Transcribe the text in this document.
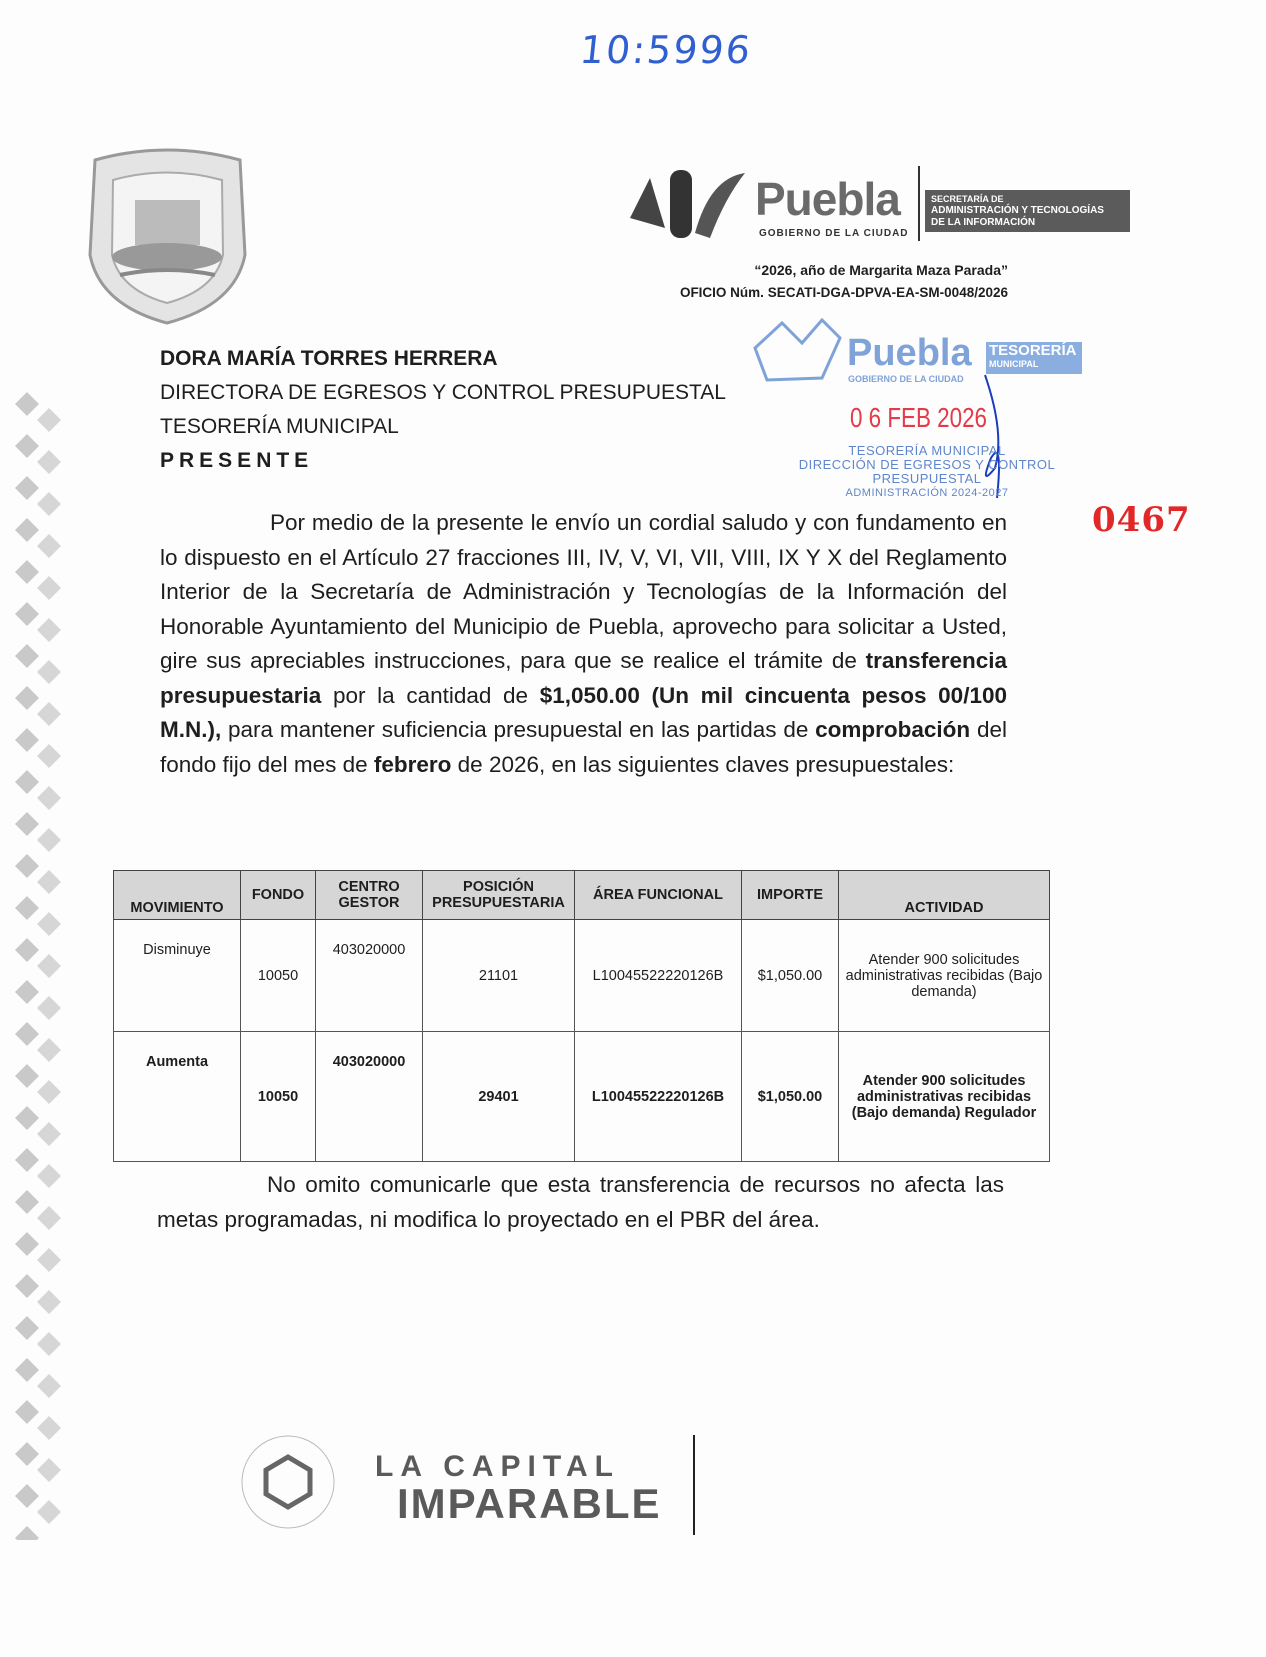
10:5996
Puebla
GOBIERNO DE LA CIUDAD
SECRETARÍA DE
ADMINISTRACIÓN Y TECNOLOGÍAS
DE LA INFORMACIÓN
“2026, año de Margarita Maza Parada”
OFICIO Núm. SECATI-DGA-DPVA-EA-SM-0048/2026
DORA MARÍA TORRES HERRERA
DIRECTORA DE EGRESOS Y CONTROL PRESUPUESTAL
TESORERÍA MUNICIPAL
PRESENTE
Puebla
GOBIERNO DE LA CIUDAD
TESORERÍA
MUNICIPAL
0 6 FEB 2026
TESORERÍA MUNICIPAL
DIRECCIÓN DE EGRESOS Y CONTROL
PRESUPUESTAL
ADMINISTRACIÓN 2024-2027
0467
Por medio de la presente le envío un cordial saludo y con fundamento en lo dispuesto en el Artículo 27 fracciones III, IV, V, VI, VII, VIII, IX Y X del Reglamento Interior de la Secretaría de Administración y Tecnologías de la Información del Honorable Ayuntamiento del Municipio de Puebla, aprovecho para solicitar a Usted, gire sus apreciables instrucciones, para que se realice el trámite de transferencia presupuestaria por la cantidad de $1,050.00 (Un mil cincuenta pesos 00/100 M.N.), para mantener suficiencia presupuestal en las partidas de comprobación del fondo fijo del mes de febrero de 2026, en las siguientes claves presupuestales:
MOVIMIENTO	FONDO	CENTRO GESTOR	POSICIÓN PRESUPUESTARIA	ÁREA FUNCIONAL	IMPORTE	ACTIVIDAD
Disminuye	10050	403020000	21101	L10045522220126B	$1,050.00	Atender 900 solicitudes administrativas recibidas (Bajo demanda)
Aumenta	10050	403020000	29401	L10045522220126B	$1,050.00	Atender 900 solicitudes administrativas recibidas (Bajo demanda) Regulador
No omito comunicarle que esta transferencia de recursos no afecta las metas programadas, ni modifica lo proyectado en el PBR del área.
LA CAPITAL
IMPARABLE
